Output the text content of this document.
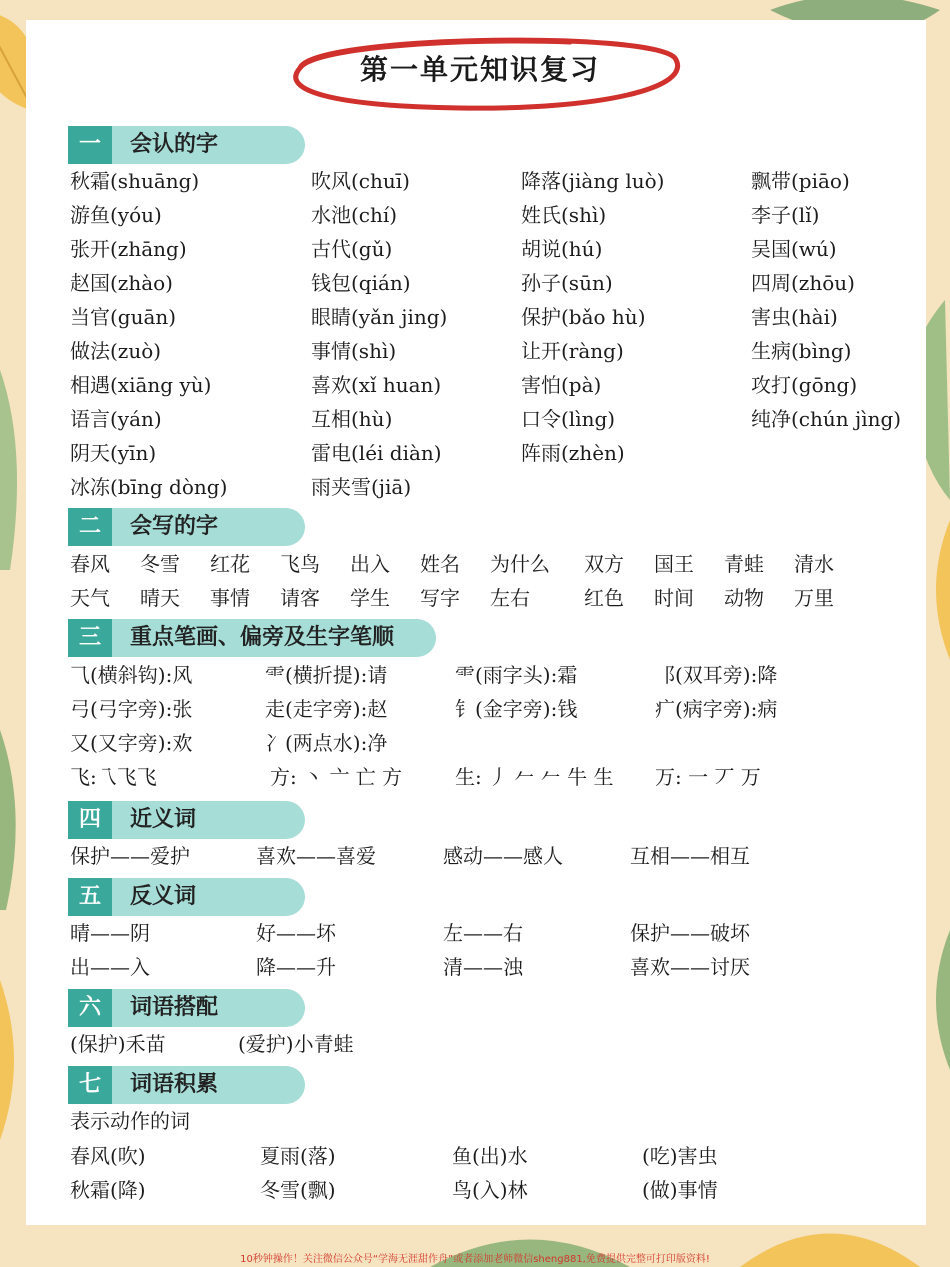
第一单元知识复习
一	会认的字
二	会写的字
三	重点笔画、偏旁及生字笔顺
四	近义词
五	反义词
六	词语搭配
七	词语积累
秋霜(shuāng)	吹风(chuī)	降落(jiàng luò)	飘带(piāo)
游鱼(yóu)	水池(chí)	姓氏(shì)	李子(lǐ)
张开(zhāng)	古代(gǔ)	胡说(hú)	吴国(wú)
赵国(zhào)	钱包(qián)	孙子(sūn)	四周(zhōu)
当官(guān)	眼睛(yǎn jing)	保护(bǎo hù)	害虫(hài)
做法(zuò)	事情(shì)	让开(ràng)	生病(bìng)
相遇(xiāng yù)	喜欢(xǐ huan)	害怕(pà)	攻打(gōng)
语言(yán)	互相(hù)	口令(lìng)	纯净(chún jìng)
阴天(yīn)	雷电(léi diàn)	阵雨(zhèn)
冰冻(bīng dòng)	雨夹雪(jiā)
春风 冬雪 红花 飞鸟 出入 姓名 为什么 双方 国王 青蛙 清水
天气 晴天 事情 请客 学生 写字 左右	红色 时间 动物 万里
⺄(横斜钩):风	⻗(横折提):请	⻗(雨字头):霜	⻏(双耳旁):降
弓(弓字旁):张	走(走字旁):赵	钅(金字旁):钱	疒(病字旁):病
又(又字旁):欢	冫(两点水):净
飞:乁飞飞	方: 丶 亠 亡 方	生: 丿 𠂉 𠂉 牛 生 万: 一 丆 万
保护——爱护	喜欢——喜爱	感动——感人	互相——相互
晴——阴	好——坏	左——右	保护——破坏
出——入	降——升	清——浊	喜欢——讨厌
(保护)禾苗	(爱护)小青蛙
表示动作的词
春风(吹)	夏雨(落)	鱼(出)水	(吃)害虫
秋霜(降)	冬雪(飘)	鸟(入)林	(做)事情
10秒钟操作！关注微信公众号“学海无涯甜作舟”或者添加老师微信sheng881,免费提供完整可打印版资料!
